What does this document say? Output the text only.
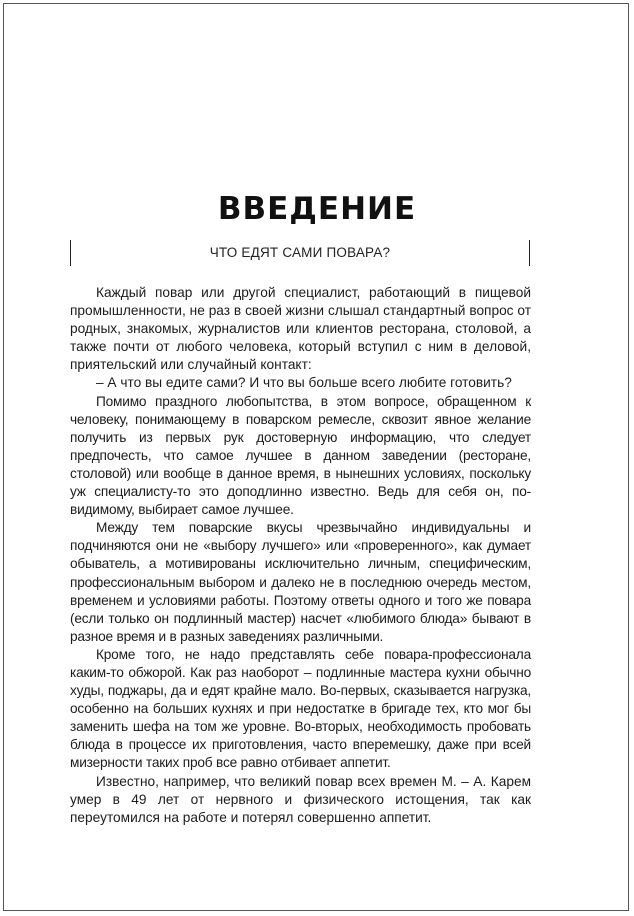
ВВЕДЕНИЕ
ЧТО ЕДЯТ САМИ ПОВАРА?

Каждый повар или другой специалист, работающий в пищевой промышленности, не раз в своей жизни слышал стандартный вопрос от родных, знакомых, журналистов или клиентов ресторана, столовой, а также почти от любого человека, который вступил с ним в деловой, приятельский или случайный контакт:

– А что вы едите сами? И что вы больше всего любите готовить?

Помимо праздного любопытства, в этом вопросе, обращенном к человеку, понимающему в поварском ремесле, сквозит явное желание получить из первых рук достоверную информацию, что следует предпочесть, что самое лучшее в данном заведении (ресторане, столовой) или вообще в данное время, в нынешних условиях, поскольку уж специалисту-то это доподлинно известно. Ведь для себя он, по-видимому, выбирает самое лучшее.

Между тем поварские вкусы чрезвычайно индивидуальны и подчиняются они не «выбору лучшего» или «проверенного», как думает обыватель, а мотивированы исключительно личным, специфическим, профессиональным выбором и далеко не в последнюю очередь местом, временем и условиями работы. Поэтому ответы одного и того же повара (если только он подлинный мастер) насчет «любимого блюда» бывают в разное время и в разных заведениях различными.

Кроме того, не надо представлять себе повара-профессионала каким-то обжорой. Как раз наоборот – подлинные мастера кухни обычно худы, поджары, да и едят крайне мало. Во-первых, сказывается нагрузка, особенно на больших кухнях и при недостатке в бригаде тех, кто мог бы заменить шефа на том же уровне. Во-вторых, необходимость пробовать блюда в процессе их приготовления, часто вперемешку, даже при всей мизерности таких проб все равно отбивает аппетит.

Известно, например, что великий повар всех времен М. – А. Карем умер в 49 лет от нервного и физического истощения, так как переутомился на работе и потерял совершенно аппетит.
